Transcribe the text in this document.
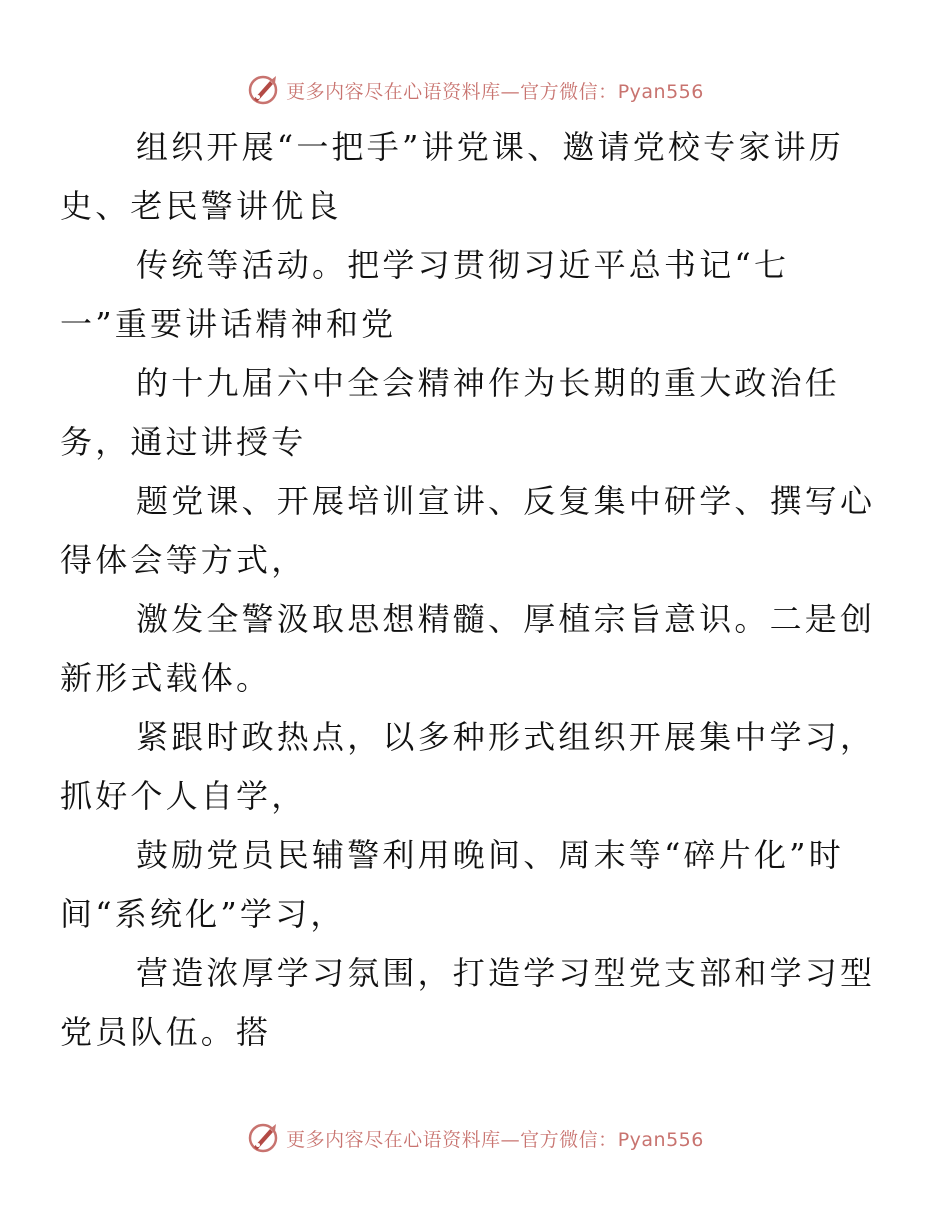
更多内容尽在心语资料库—官方微信：Pyan556

组织开展“一把手”讲党课、邀请党校专家讲历
史、老民警讲优良

传统等活动。把学习贯彻习近平总书记“七
一”重要讲话精神和党

的十九届六中全会精神作为长期的重大政治任
务，通过讲授专

题党课、开展培训宣讲、反复集中研学、撰写心
得体会等方式，

激发全警汲取思想精髓、厚植宗旨意识。二是创
新形式载体。

紧跟时政热点，以多种形式组织开展集中学习，
抓好个人自学，

鼓励党员民辅警利用晚间、周末等“碎片化”时
间“系统化”学习，

营造浓厚学习氛围，打造学习型党支部和学习型
党员队伍。搭

更多内容尽在心语资料库—官方微信：Pyan556
